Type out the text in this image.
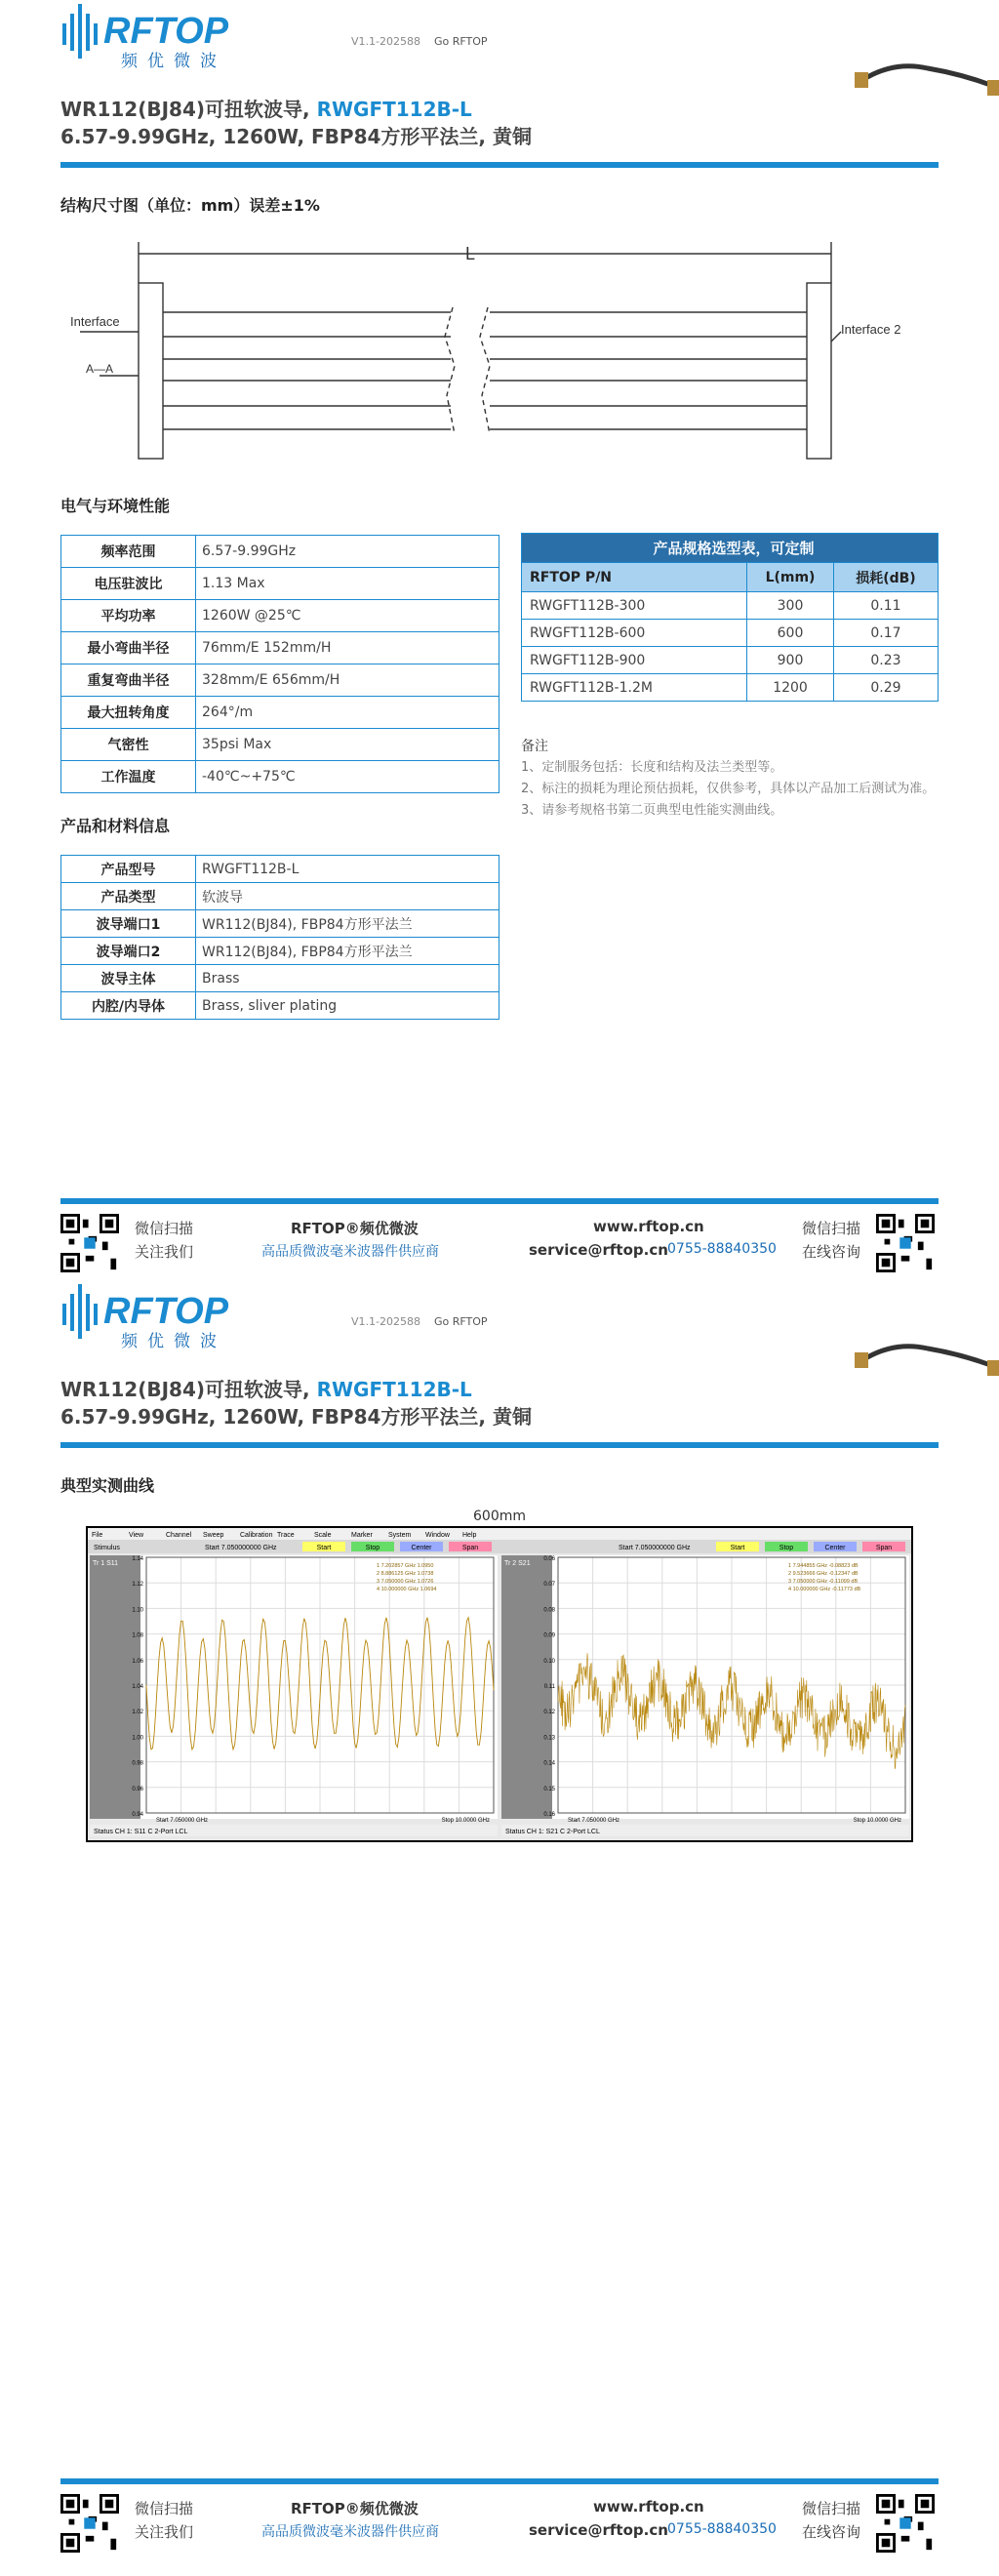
RFTOP
频优微波
V1.1-202588 Go RFTOP
WR112(BJ84)可扭软波导, RWGFT112B-L
6.57-9.99GHz, 1260W, FBP84方形平法兰, 黄铜
结构尺寸图（单位：mm）误差±1%
L
Interface
Interface 2
A—A
电气与环境性能
频率范围	6.57-9.99GHz
电压驻波比	1.13 Max
平均功率	1260W @25℃
最小弯曲半径	76mm/E 152mm/H
重复弯曲半径	328mm/E 656mm/H
最大扭转角度	264°/m
气密性	35psi Max
工作温度	-40℃~+75℃
产品和材料信息
产品型号	RWGFT112B-L
产品类型	软波导
波导端口1	WR112(BJ84), FBP84方形平法兰
波导端口2	WR112(BJ84), FBP84方形平法兰
波导主体	Brass
内腔/内导体	Brass, sliver plating
产品规格选型表，可定制		
RFTOP P/N	L(mm)	损耗(dB)
RWGFT112B-300	300	0.11
RWGFT112B-600	600	0.17
RWGFT112B-900	900	0.23
RWGFT112B-1.2M	1200	0.29
备注
1、定制服务包括：长度和结构及法兰类型等。
2、标注的损耗为理论预估损耗，仅供参考，具体以产品加工后测试为准。
3、请参考规格书第二页典型电性能实测曲线。
微信扫描
关注我们
RFTOP®频优微波
高品质微波毫米波器件供应商
www.rftop.cn
service@rftop.cn 0755-88840350
微信扫描
在线咨询
RFTOP
频优微波
V1.1-202588 Go RFTOP
WR112(BJ84)可扭软波导, RWGFT112B-L
6.57-9.99GHz, 1260W, FBP84方形平法兰, 黄铜
典型实测曲线
600mm
File	View	Channel Sweep Calibration Trace	Scale	Marker System Window Help
Stimulus	Start 7.050000000 GHz	Start	Stop	Center	Span	Start 7.050000000 GHz	Start	Stop	Center	Span
Tr 1 S11
1.14
1.12
1.10
1.08
1.06
1.04
1.02
1.00
0.98
0.96
0.94
1 7.202857 GHz 1.0950
2 8.886125 GHz 1.0738
3 7.050000 GHz 1.0726
4 10.000000 GHz 1.0694
Start 7.050000 GHz	Stop 10.0000 GHz
Status CH 1: S11 C 2-Port LCL
Tr 2 S21
0.06
0.07
0.08
0.09
0.10
0.11
0.12
0.13
0.14
0.15
0.16
1 7.944855 GHz -0.08823 dB
2 9.523666 GHz -0.12347 dB
3 7.050000 GHz -0.11099 dB
4 10.000000 GHz -0.11773 dB
Start 7.050000 GHz	Stop 10.0000 GHz
Status CH 1: S21 C 2-Port LCL
微信扫描
关注我们
RFTOP®频优微波
高品质微波毫米波器件供应商
www.rftop.cn
service@rftop.cn 0755-88840350
微信扫描
在线咨询
